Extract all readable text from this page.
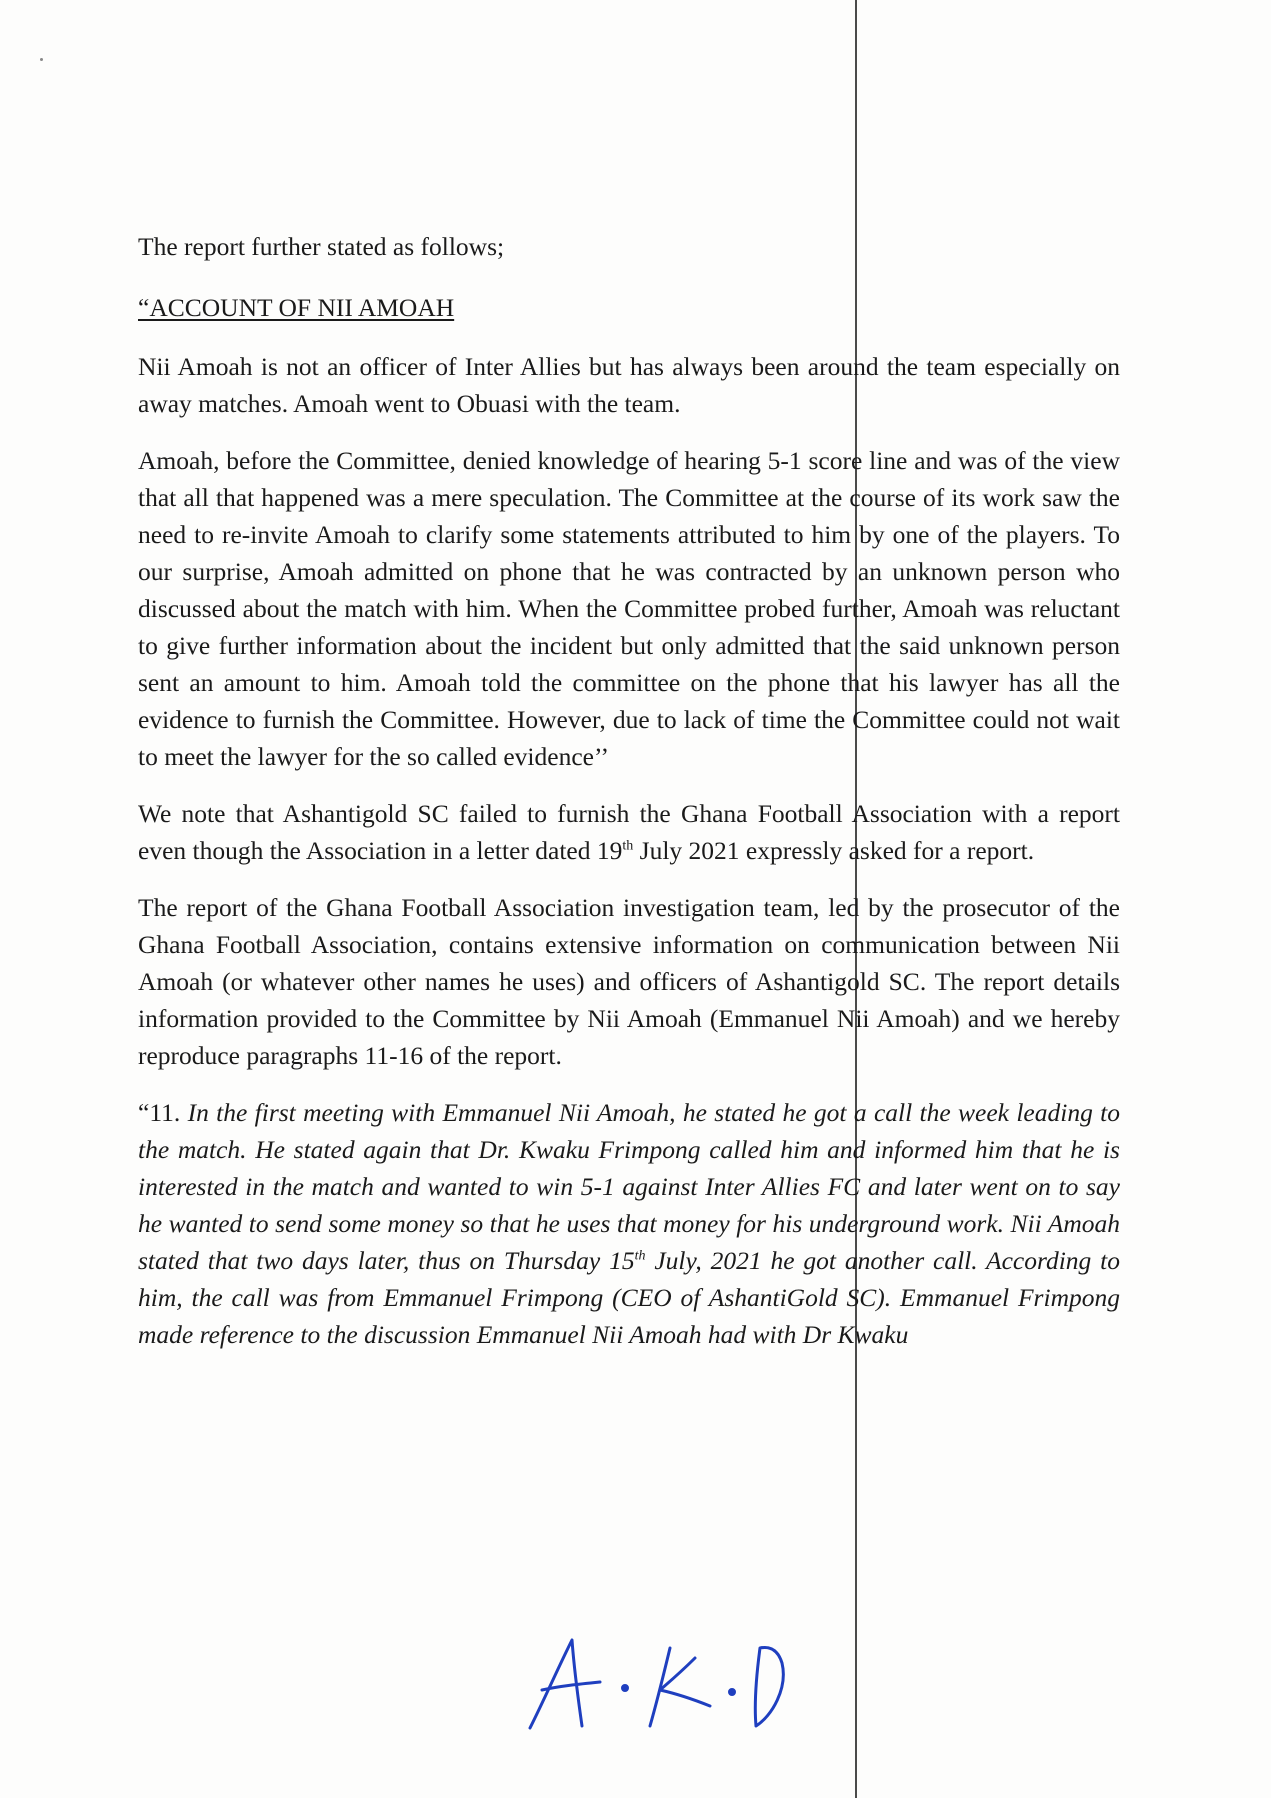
The report further stated as follows;

“ACCOUNT OF NII AMOAH

Nii Amoah is not an officer of Inter Allies but has always been around the team especially on away matches. Amoah went to Obuasi with the team.

Amoah, before the Committee, denied knowledge of hearing 5-1 score line and was of the view that all that happened was a mere speculation. The Committee at the course of its work saw the need to re-invite Amoah to clarify some statements attributed to him by one of the players. To our surprise, Amoah admitted on phone that he was contracted by an unknown person who discussed about the match with him. When the Committee probed further, Amoah was reluctant to give further information about the incident but only admitted that the said unknown person sent an amount to him. Amoah told the committee on the phone that his lawyer has all the evidence to furnish the Committee. However, due to lack of time the Committee could not wait to meet the lawyer for the so called evidence’’

We note that Ashantigold SC failed to furnish the Ghana Football Association with a report even though the Association in a letter dated 19th July 2021 expressly asked for a report.

The report of the Ghana Football Association investigation team, led by the prosecutor of the Ghana Football Association, contains extensive information on communication between Nii Amoah (or whatever other names he uses) and officers of Ashantigold SC. The report details information provided to the Committee by Nii Amoah (Emmanuel Nii Amoah) and we hereby reproduce paragraphs 11-16 of the report.

“11. In the first meeting with Emmanuel Nii Amoah, he stated he got a call the week leading to the match. He stated again that Dr. Kwaku Frimpong called him and informed him that he is interested in the match and wanted to win 5-1 against Inter Allies FC and later went on to say he wanted to send some money so that he uses that money for his underground work. Nii Amoah stated that two days later, thus on Thursday 15th July, 2021 he got another call. According to him, the call was from Emmanuel Frimpong (CEO of AshantiGold SC). Emmanuel Frimpong made reference to the discussion Emmanuel Nii Amoah had with Dr Kwaku
